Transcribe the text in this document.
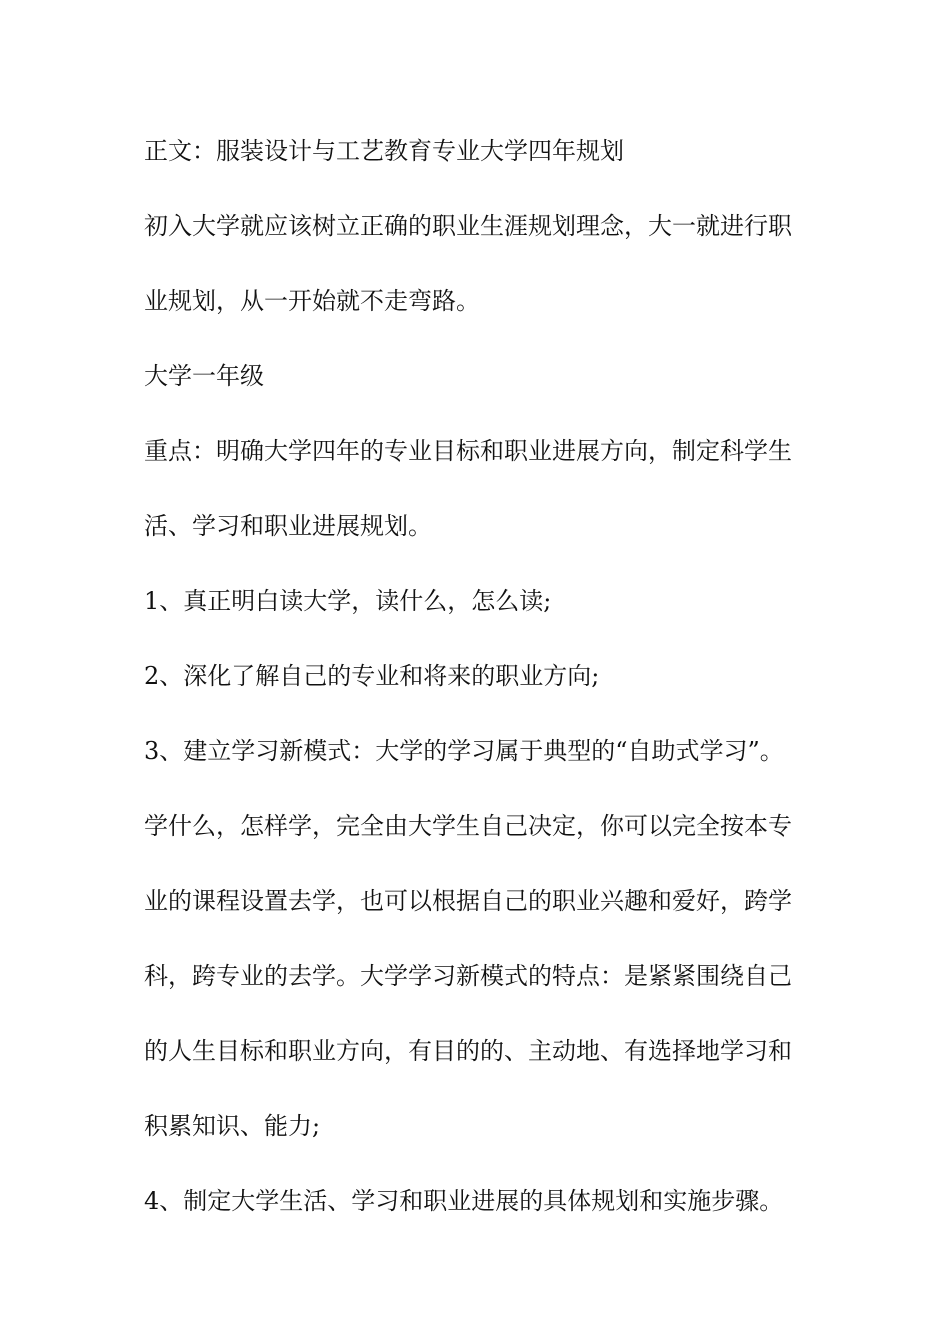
正文：服装设计与工艺教育专业大学四年规划
初入大学就应该树立正确的职业生涯规划理念，大一就进行职
业规划，从一开始就不走弯路。
大学一年级
重点：明确大学四年的专业目标和职业进展方向，制定科学生
活、学习和职业进展规划。
1、真正明白读大学，读什么，怎么读;
2、深化了解自己的专业和将来的职业方向;
3、建立学习新模式：大学的学习属于典型的“自助式学习”。
学什么，怎样学，完全由大学生自己决定，你可以完全按本专
业的课程设置去学，也可以根据自己的职业兴趣和爱好，跨学
科，跨专业的去学。大学学习新模式的特点：是紧紧围绕自己
的人生目标和职业方向，有目的的、主动地、有选择地学习和
积累知识、能力;
4、制定大学生活、学习和职业进展的具体规划和实施步骤。
